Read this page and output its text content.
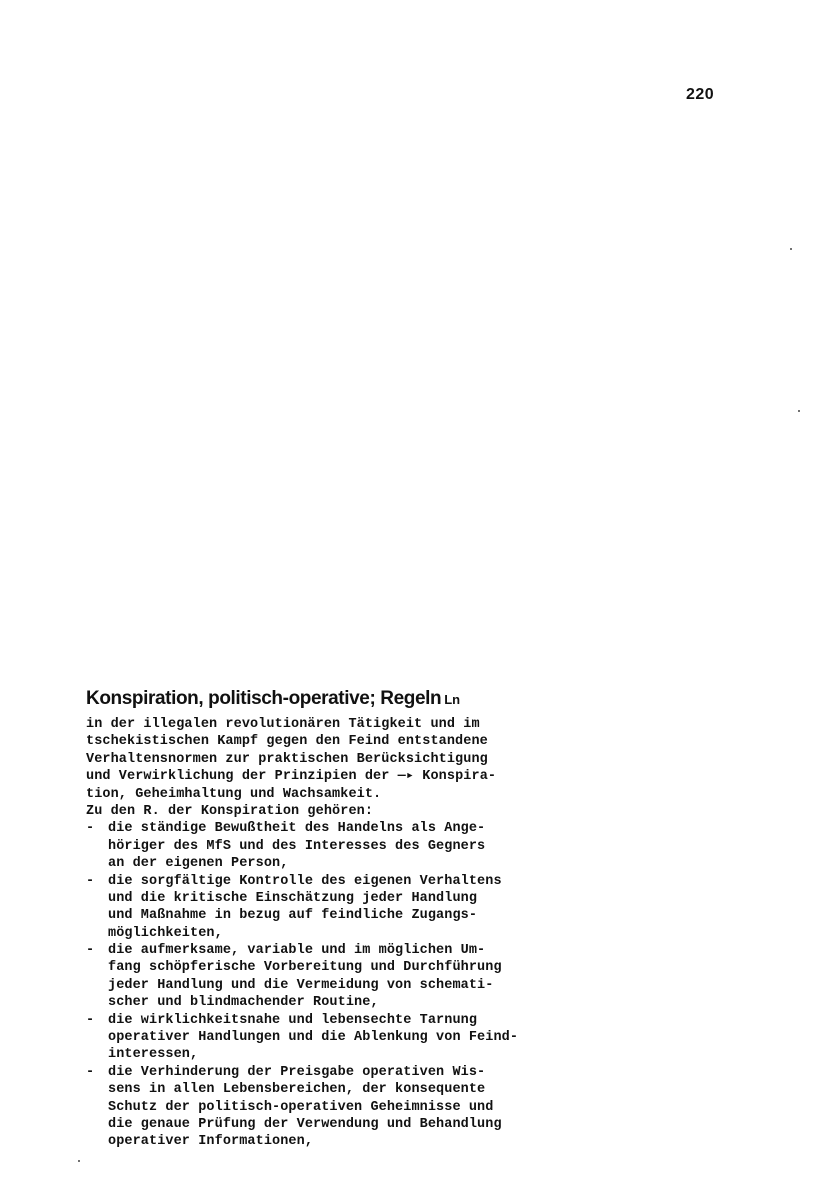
220
Konspiration, politisch-operative; Regeln Ln
in der illegalen revolutionären Tätigkeit und im
tschekistischen Kampf gegen den Feind entstandene
Verhaltensnormen zur praktischen Berücksichtigung
und Verwirklichung der Prinzipien der —▸ Konspira-
tion, Geheimhaltung und Wachsamkeit.
Zu den R. der Konspiration gehören:
- die ständige Bewußtheit des Handelns als Ange-
höriger des MfS und des Interesses des Gegners
an der eigenen Person,
- die sorgfältige Kontrolle des eigenen Verhaltens
und die kritische Einschätzung jeder Handlung
und Maßnahme in bezug auf feindliche Zugangs-
möglichkeiten,
- die aufmerksame, variable und im möglichen Um-
fang schöpferische Vorbereitung und Durchführung
jeder Handlung und die Vermeidung von schemati-
scher und blindmachender Routine,
- die wirklichkeitsnahe und lebensechte Tarnung
operativer Handlungen und die Ablenkung von Feind-
interessen,
- die Verhinderung der Preisgabe operativen Wis-
sens in allen Lebensbereichen, der konsequente
Schutz der politisch-operativen Geheimnisse und
die genaue Prüfung der Verwendung und Behandlung
operativer Informationen,
